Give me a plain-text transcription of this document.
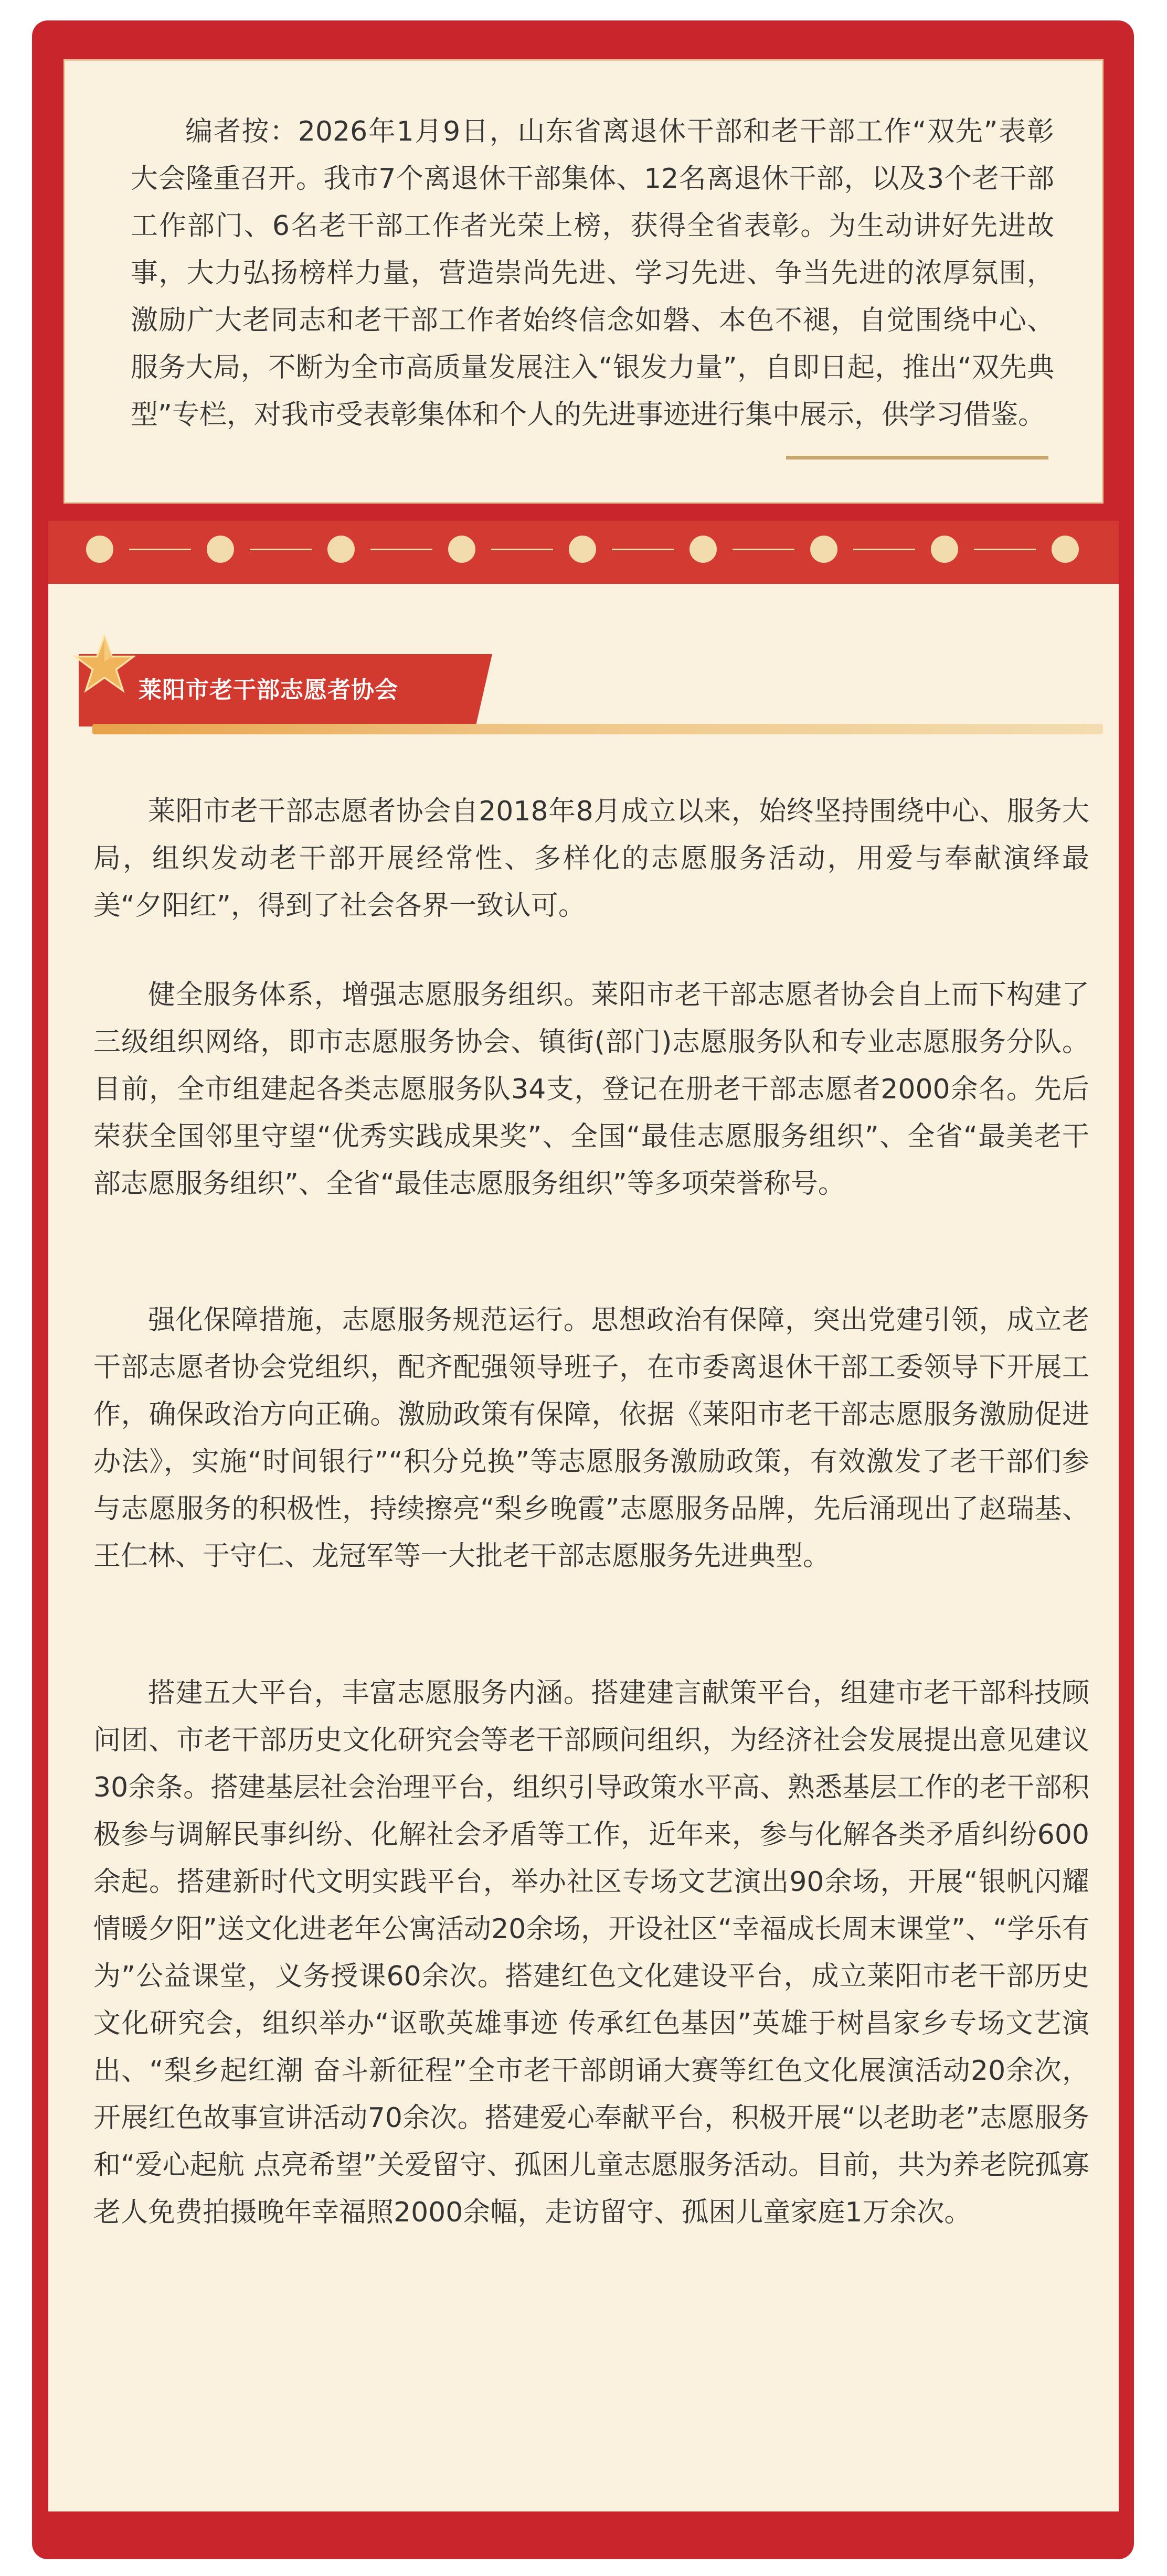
编者按：2026年1月9日，山东省离退休干部和老干部工作“双先”表彰大会隆重召开。我市7个离退休干部集体、12名离退休干部，以及3个老干部工作部门、6名老干部工作者光荣上榜，获得全省表彰。为生动讲好先进故事，大力弘扬榜样力量，营造崇尚先进、学习先进、争当先进的浓厚氛围，激励广大老同志和老干部工作者始终信念如磐、本色不褪，自觉围绕中心、服务大局，不断为全市高质量发展注入“银发力量”，自即日起，推出“双先典型”专栏，对我市受表彰集体和个人的先进事迹进行集中展示，供学习借鉴。

莱阳市老干部志愿者协会

莱阳市老干部志愿者协会自2018年8月成立以来，始终坚持围绕中心、服务大局，组织发动老干部开展经常性、多样化的志愿服务活动，用爱与奉献演绎最美“夕阳红”，得到了社会各界一致认可。

健全服务体系，增强志愿服务组织。莱阳市老干部志愿者协会自上而下构建了三级组织网络，即市志愿服务协会、镇街(部门)志愿服务队和专业志愿服务分队。目前，全市组建起各类志愿服务队34支，登记在册老干部志愿者2000余名。先后荣获全国邻里守望“优秀实践成果奖”、全国“最佳志愿服务组织”、全省“最美老干部志愿服务组织”、全省“最佳志愿服务组织”等多项荣誉称号。

强化保障措施，志愿服务规范运行。思想政治有保障，突出党建引领，成立老干部志愿者协会党组织，配齐配强领导班子，在市委离退休干部工委领导下开展工作，确保政治方向正确。激励政策有保障，依据《莱阳市老干部志愿服务激励促进办法》，实施“时间银行”“积分兑换”等志愿服务激励政策，有效激发了老干部们参与志愿服务的积极性，持续擦亮“梨乡晚霞”志愿服务品牌，先后涌现出了赵瑞基、王仁林、于守仁、龙冠军等一大批老干部志愿服务先进典型。

搭建五大平台，丰富志愿服务内涵。搭建建言献策平台，组建市老干部科技顾问团、市老干部历史文化研究会等老干部顾问组织，为经济社会发展提出意见建议30余条。搭建基层社会治理平台，组织引导政策水平高、熟悉基层工作的老干部积极参与调解民事纠纷、化解社会矛盾等工作，近年来，参与化解各类矛盾纠纷600余起。搭建新时代文明实践平台，举办社区专场文艺演出90余场，开展“银帆闪耀 情暖夕阳”送文化进老年公寓活动20余场，开设社区“幸福成长周末课堂”、“学乐有为”公益课堂，义务授课60余次。搭建红色文化建设平台，成立莱阳市老干部历史文化研究会，组织举办“讴歌英雄事迹 传承红色基因”英雄于树昌家乡专场文艺演出、“梨乡起红潮 奋斗新征程”全市老干部朗诵大赛等红色文化展演活动20余次，开展红色故事宣讲活动70余次。搭建爱心奉献平台，积极开展“以老助老”志愿服务和“爱心起航 点亮希望”关爱留守、孤困儿童志愿服务活动。目前，共为养老院孤寡老人免费拍摄晚年幸福照2000余幅，走访留守、孤困儿童家庭1万余次。
